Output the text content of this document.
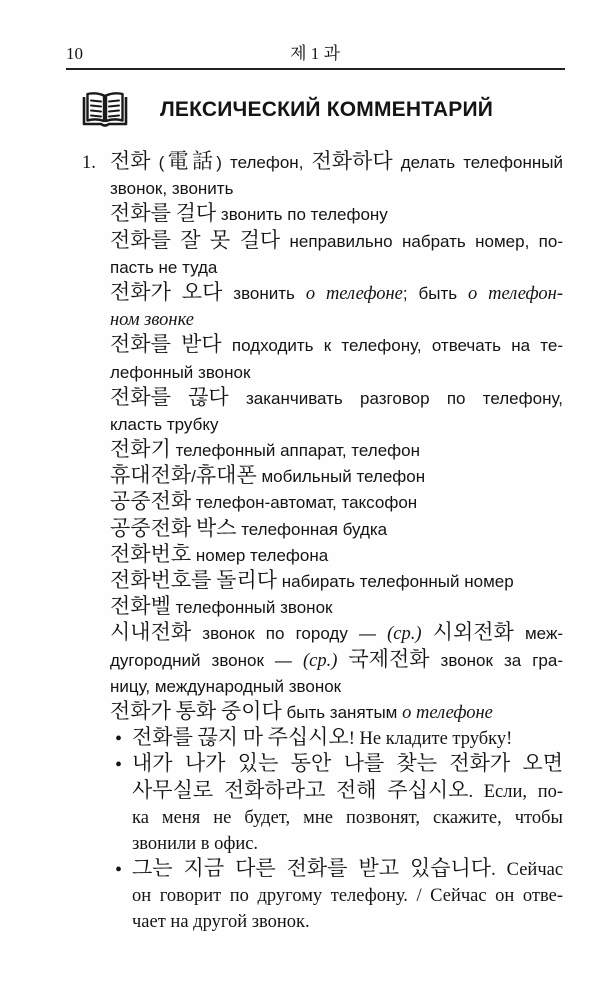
10	제 1 과
ЛЕКСИЧЕСКИЙ КОММЕНТАРИЙ
1. 전화 (電話) телефон, 전화하다 делать телефонный
звонок, звонить
전화를 걸다 звонить по телефону
전화를 잘 못 걸다 неправильно набрать номер, по-
пасть не туда
전화가 오다 звонить о телефоне; быть о телефон-
ном звонке
전화를 받다 подходить к телефону, отвечать на те-
лефонный звонок
전화를 끊다 заканчивать разговор по телефону,
класть трубку
전화기 телефонный аппарат, телефон
휴대전화/휴대폰 мобильный телефон
공중전화 телефон-автомат, таксофон
공중전화 박스 телефонная будка
전화번호 номер телефона
전화번호를 돌리다 набирать телефонный номер
전화벨 телефонный звонок
시내전화 звонок по городу — (ср.) 시외전화 меж-
дугородний звонок — (ср.) 국제전화 звонок за гра-
ницу, международный звонок
전화가 통화 중이다 быть занятым о телефоне
• 전화를 끊지 마 주십시오! Не кладите трубку!
• 내가 나가 있는 동안 나를 찾는 전화가 오면
사무실로 전화하라고 전해 주십시오. Если, по-
ка меня не будет, мне позвонят, скажите, чтобы
звонили в офис.
• 그는 지금 다른 전화를 받고 있습니다. Сейчас
он говорит по другому телефону. / Сейчас он отве-
чает на другой звонок.
